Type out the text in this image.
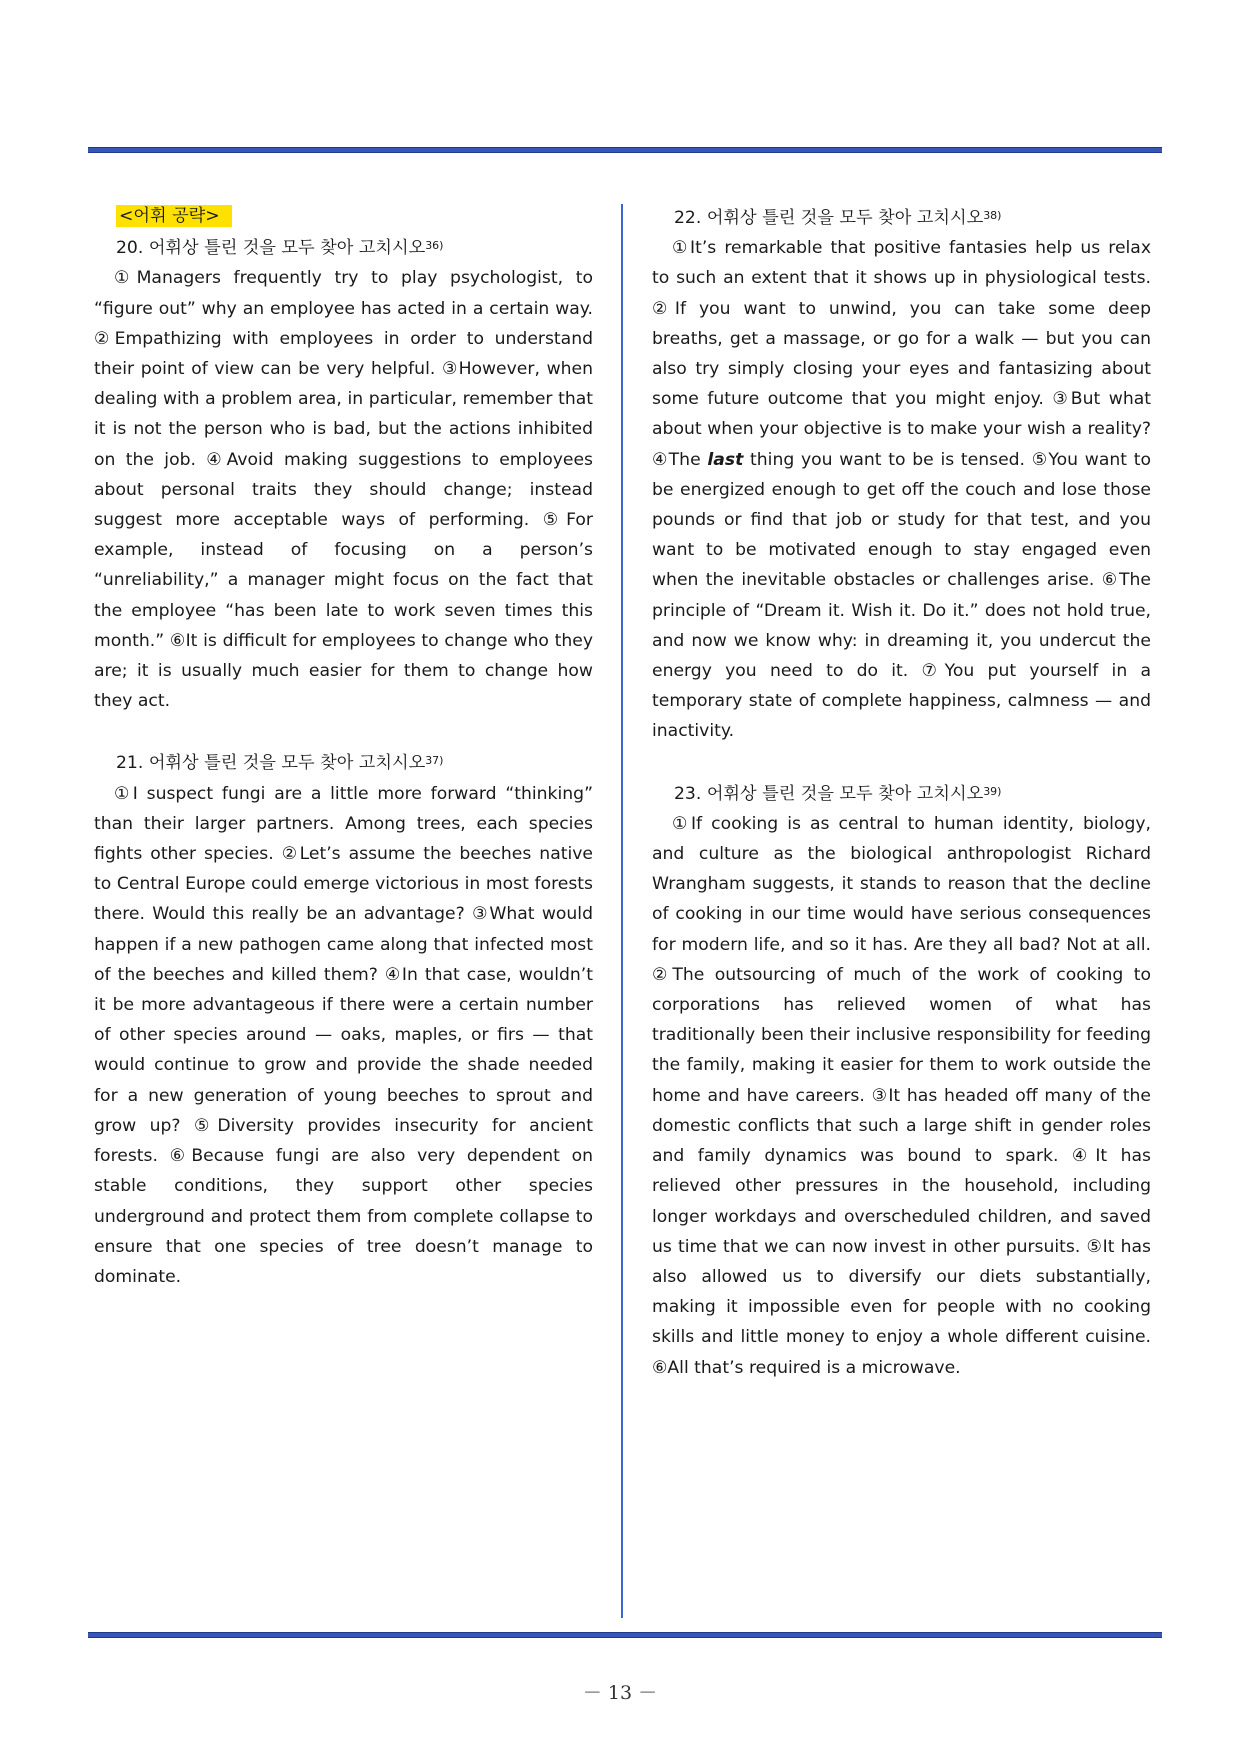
<어휘 공략>

20. 어휘상 틀린 것을 모두 찾아 고치시오$^{36)}$

①Managers frequently try to play psychologist, to “figure out” why an employee has acted in a certain way. ②Empathizing with employees in order to understand their point of view can be very helpful. ③However, when dealing with a problem area, in particular, remember that it is not the person who is bad, but the actions inhibited on the job. ④Avoid making suggestions to employees about personal traits they should change; instead suggest more acceptable ways of performing. ⑤For example, instead of focusing on a person’s “unreliability,” a manager might focus on the fact that the employee “has been late to work seven times this month.” ⑥It is difficult for employees to change who they are; it is usually much easier for them to change how they act.

21. 어휘상 틀린 것을 모두 찾아 고치시오$^{37)}$

①I suspect fungi are a little more forward “thinking” than their larger partners. Among trees, each species fights other species. ②Let’s assume the beeches native to Central Europe could emerge victorious in most forests there. Would this really be an advantage? ③What would happen if a new pathogen came along that infected most of the beeches and killed them? ④In that case, wouldn’t it be more advantageous if there were a certain number of other species around — oaks, maples, or firs — that would continue to grow and provide the shade needed for a new generation of young beeches to sprout and grow up? ⑤Diversity provides insecurity for ancient forests. ⑥Because fungi are also very dependent on stable conditions, they support other species underground and protect them from complete collapse to ensure that one species of tree doesn’t manage to dominate.

22. 어휘상 틀린 것을 모두 찾아 고치시오$^{38)}$

①It’s remarkable that positive fantasies help us relax to such an extent that it shows up in physiological tests. ②If you want to unwind, you can take some deep breaths, get a massage, or go for a walk — but you can also try simply closing your eyes and fantasizing about some future outcome that you might enjoy. ③But what about when your objective is to make your wish a reality? ④The last thing you want to be is tensed. ⑤You want to be energized enough to get off the couch and lose those pounds or find that job or study for that test, and you want to be motivated enough to stay engaged even when the inevitable obstacles or challenges arise. ⑥The principle of “Dream it. Wish it. Do it.” does not hold true, and now we know why: in dreaming it, you undercut the energy you need to do it. ⑦You put yourself in a temporary state of complete happiness, calmness — and inactivity.

23. 어휘상 틀린 것을 모두 찾아 고치시오$^{39)}$

①If cooking is as central to human identity, biology, and culture as the biological anthropologist Richard Wrangham suggests, it stands to reason that the decline of cooking in our time would have serious consequences for modern life, and so it has. Are they all bad? Not at all. ②The outsourcing of much of the work of cooking to corporations has relieved women of what has traditionally been their inclusive responsibility for feeding the family, making it easier for them to work outside the home and have careers. ③It has headed off many of the domestic conflicts that such a large shift in gender roles and family dynamics was bound to spark. ④It has relieved other pressures in the household, including longer workdays and overscheduled children, and saved us time that we can now invest in other pursuits. ⑤It has also allowed us to diversify our diets substantially, making it impossible even for people with no cooking skills and little money to enjoy a whole different cuisine. ⑥All that’s required is a microwave.

－ 13 －
